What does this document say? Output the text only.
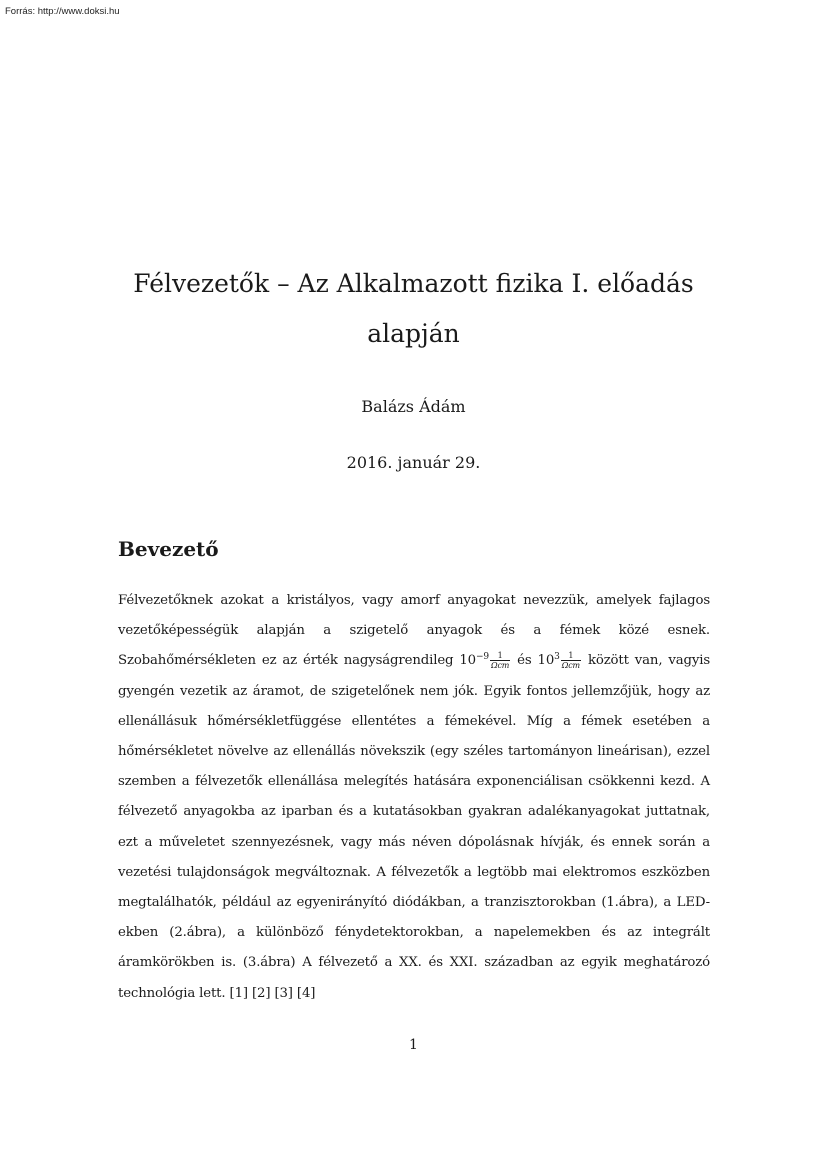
Forrás: http://www.doksi.hu
Félvezetők – Az Alkalmazott fizika I. előadás alapján
Balázs Ádám
2016. január 29.
Bevezető

Félvezetőknek azokat a kristályos, vagy amorf anyagokat nevezzük, amelyek fajlagos vezetőképességük alapján a szigetelő anyagok és a fémek közé esnek. Szobahőmérsékleten ez az érték nagyságrendileg $10^{-9} \frac{1}{\text{Ωcm}}$ és $10^3 \frac{1}{\text{Ωcm}}$ között van, vagyis gyengén vezetik az áramot, de szigetelőnek nem jók. Egyik fontos jellemzőjük, hogy az ellenállásuk hőmérsékletfüggése ellentétes a fémekével. Míg a fémek esetében a hőmérsékletet növelve az ellenállás növekszik (egy széles tartományon lineárisan), ezzel szemben a félvezetők ellenállása melegítés hatására exponenciálisan csökkenni kezd. A félvezető anyagokba az iparban és a kutatásokban gyakran adalékanyagokat juttatnak, ezt a műveletet szennyezésnek, vagy más néven dópolásnak hívják, és ennek során a vezetési tulajdonságok megváltoznak. A félvezetők a legtöbb mai elektromos eszközben megtalálhatók, például az egyenirányító diódákban, a tranzisztorokban (1.ábra), a LED-ekben (2.ábra), a különböző fénydetektorokban, a napelemekben és az integrált áramkörökben is. (3.ábra) A félvezető a XX. és XXI. században az egyik meghatározó technológia lett. [1] [2] [3] [4]

1
